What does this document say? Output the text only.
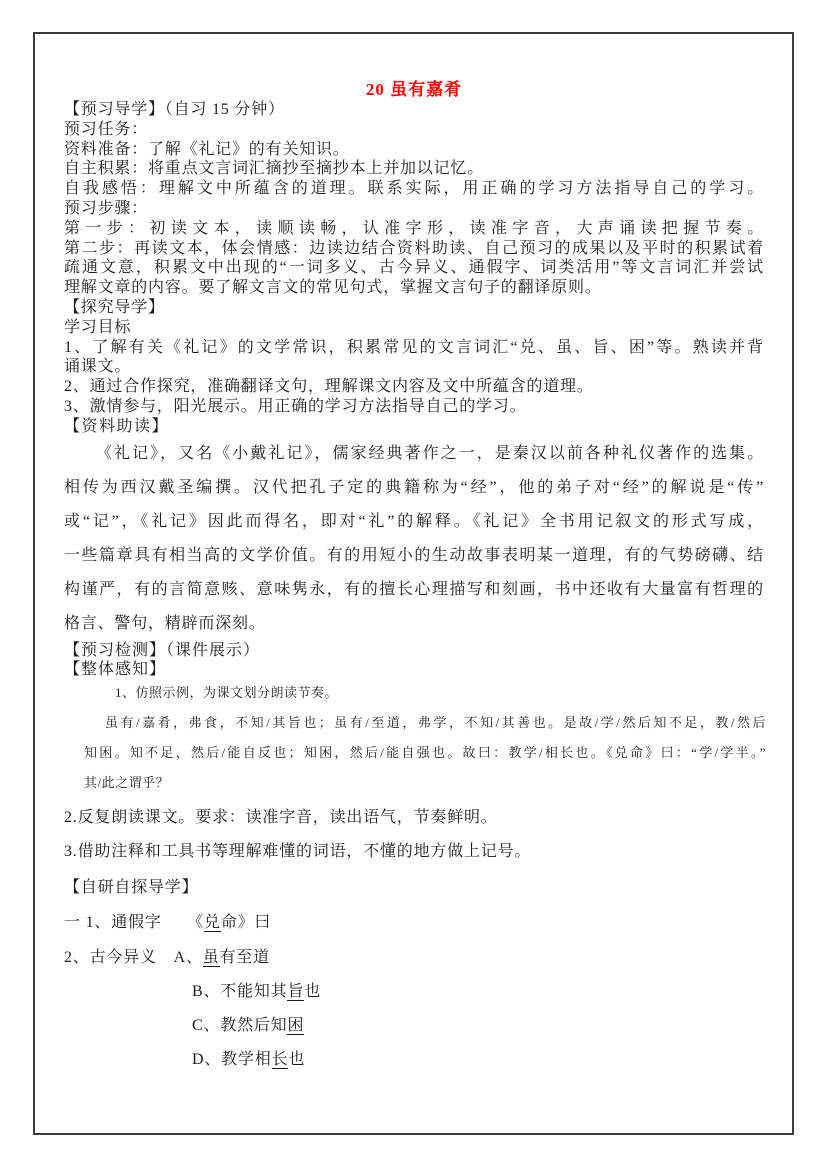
20 虽有嘉肴
【预习导学】（自习 15 分钟）
预习任务：
资料准备：了解《礼记》的有关知识。
自主积累：将重点文言词汇摘抄至摘抄本上并加以记忆。
自我感悟：理解文中所蕴含的道理。联系实际，用正确的学习方法指导自己的学习。
预习步骤：
第一步：初读文本，读顺读畅，认准字形，读准字音，大声诵读把握节奏。
第二步：再读文本，体会情感：边读边结合资料助读、自己预习的成果以及平时的积累试着
疏通文意，积累文中出现的“一词多义、古今异义、通假字、词类活用”等文言词汇并尝试
理解文章的内容。要了解文言文的常见句式，掌握文言句子的翻译原则。
【探究导学】
学习目标
1、了解有关《礼记》的文学常识，积累常见的文言词汇“兑、虽、旨、困”等。熟读并背
诵课文。
2、通过合作探究，准确翻译文句，理解课文内容及文中所蕴含的道理。
3、激情参与，阳光展示。用正确的学习方法指导自己的学习。
【资料助读】
《礼记》，又名《小戴礼记》，儒家经典著作之一，是秦汉以前各种礼仪著作的选集。
相传为西汉戴圣编撰。汉代把孔子定的典籍称为“经”，他的弟子对“经”的解说是“传”
或“记”，《礼记》因此而得名，即对“礼”的解释。《礼记》全书用记叙文的形式写成，
一些篇章具有相当高的文学价值。有的用短小的生动故事表明某一道理，有的气势磅礴、结
构谨严，有的言简意赅、意味隽永，有的擅长心理描写和刻画，书中还收有大量富有哲理的
格言、警句，精辟而深刻。
【预习检测】（课件展示）
【整体感知】
1、仿照示例，为课文划分朗读节奏。
虽有/嘉肴，弗食，不知/其旨也；虽有/至道，弗学，不知/其善也。是故/学/然后知不足，教/然后
知困。知不足，然后/能自反也；知困，然后/能自强也。故曰：教学/相长也。《兑命》曰：“学/学半。”
其/此之谓乎？
2.反复朗读课文。要求：读准字音，读出语气，节奏鲜明。
3.借助注释和工具书等理解难懂的词语，不懂的地方做上记号。
【自研自探导学】
一 1、通假字　　《兑命》曰
2、古今异义　A、虽有至道
B、不能知其旨也
C、教然后知困
D、教学相长也
